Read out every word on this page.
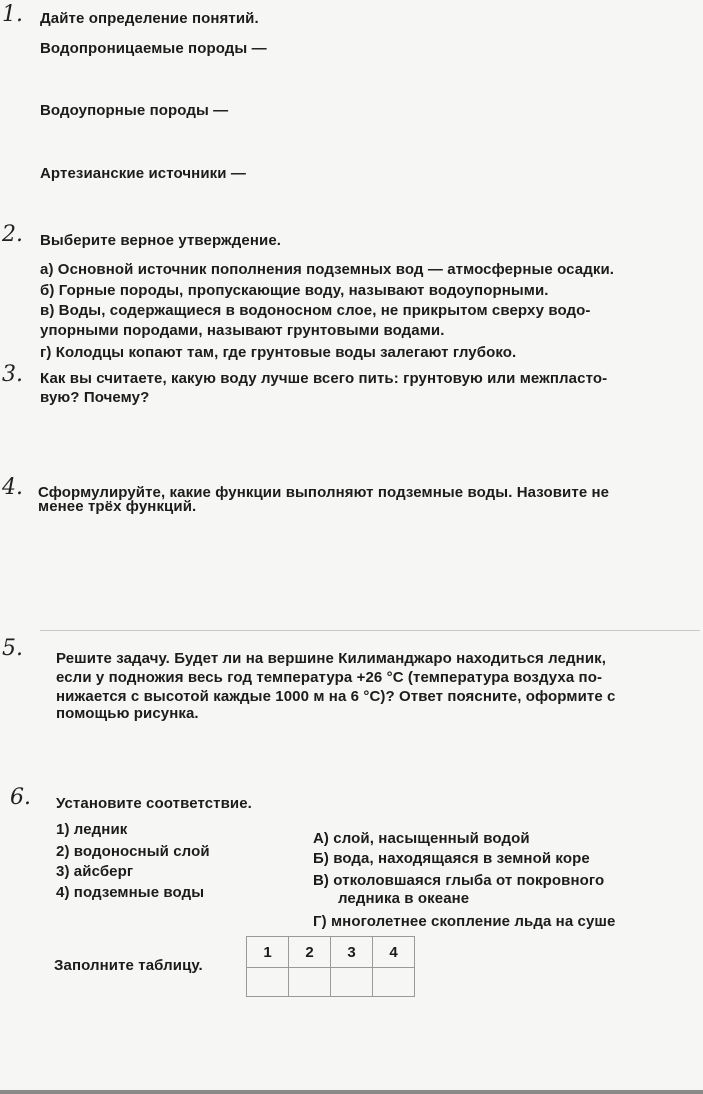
1. Дайте определение понятий.
Водопроницаемые породы —
Водоупорные породы —
Артезианские источники —
2. Выберите верное утверждение.
а) Основной источник пополнения подземных вод — атмосферные осадки.
б) Горные породы, пропускающие воду, называют водоупорными.
в) Воды, содержащиеся в водоносном слое, не прикрытом сверху водо-
упорными породами, называют грунтовыми водами.
г) Колодцы копают там, где грунтовые воды залегают глубоко.
3. Как вы считаете, какую воду лучше всего пить: грунтовую или межпласто-
вую? Почему?
4. Сформулируйте, какие функции выполняют подземные воды. Назовите не
менее трёх функций.
5. Решите задачу. Будет ли на вершине Килиманджаро находиться ледник,
если у подножия весь год температура +26 °С (температура воздуха по-
нижается с высотой каждые 1000 м на 6 °С)? Ответ поясните, оформите с
помощью рисунка.
6. Установите соответствие.
1) ледник
2) водоносный слой
3) айсберг
4) подземные воды
А) слой, насыщенный водой
Б) вода, находящаяся в земной коре
В) отколовшаяся глыба от покровного
ледника в океане
Г) многолетнее скопление льда на суше
Заполните таблицу.
1	2	3	4
